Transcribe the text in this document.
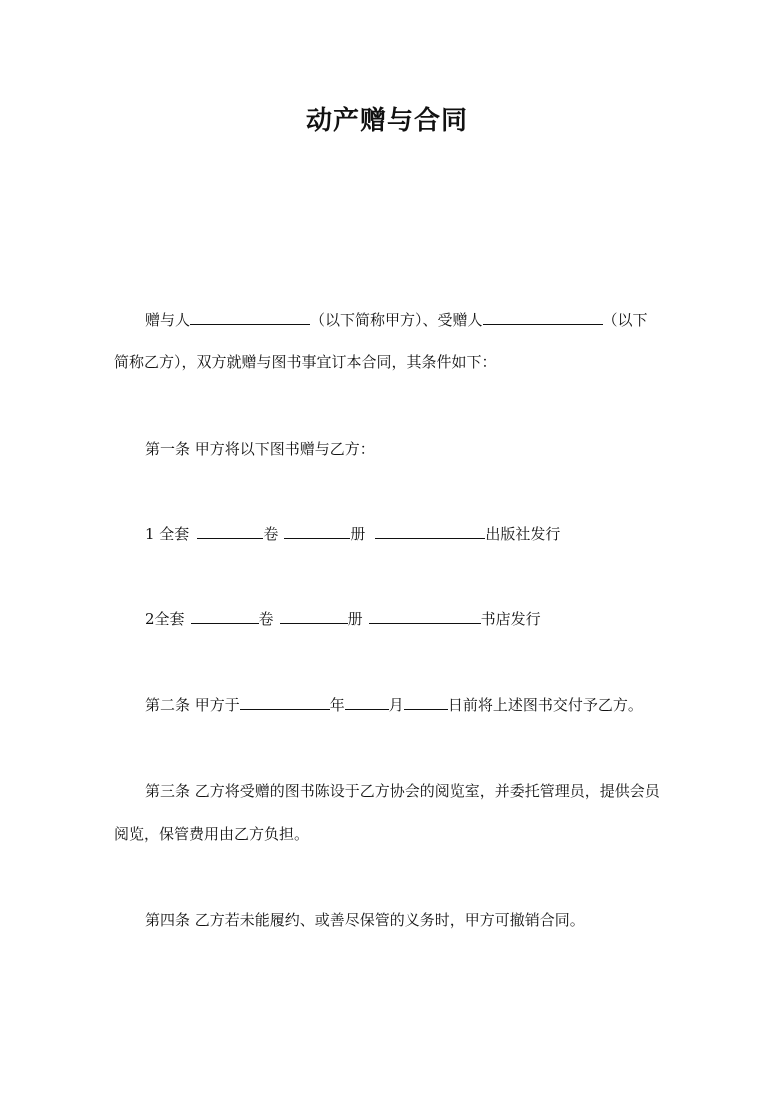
动产赠与合同
赠与人	（以下简称甲方）、受赠人	（以下
简称乙方），双方就赠与图书事宜订本合同，其条件如下：
第一条 甲方将以下图书赠与乙方：
1 全套	卷	册	出版社发行
2全套	卷	册	书店发行
第二条 甲方于	年	月	日前将上述图书交付予乙方。
第三条 乙方将受赠的图书陈设于乙方协会的阅览室，并委托管理员，提供会员
阅览，保管费用由乙方负担。
第四条 乙方若未能履约、或善尽保管的义务时，甲方可撤销合同。
